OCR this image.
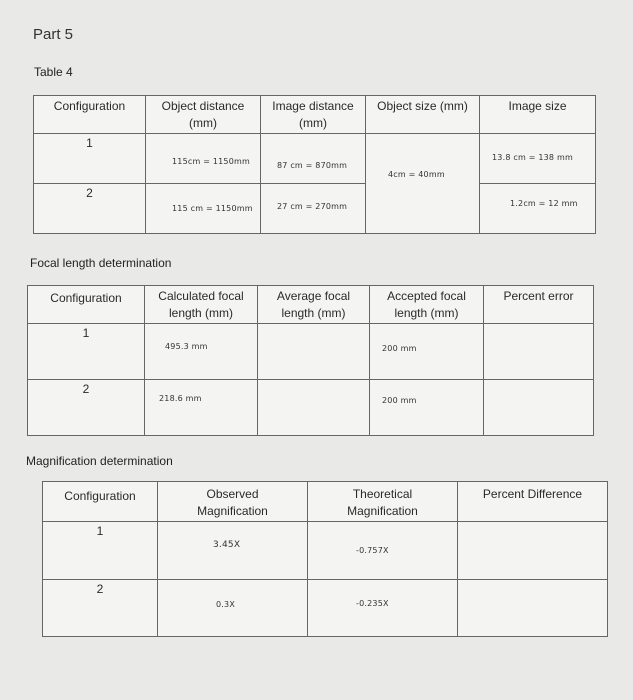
Part 5
Table 4
Configuration	Object distance (mm)	Image distance (mm)	Object size (mm)	Image size

1	115cm = 1150mm	87 cm = 870mm	4cm = 40mm	13.8 cm = 138 mm

2	115 cm = 1150mm	27 cm = 270mm		1.2cm = 12 mm
Focal length determination
Configuration	Calculated focal length (mm)	Average focal length (mm)	Accepted focal length (mm)	Percent error

1	495.3 mm		200 mm	

2	218.6 mm		200 mm	

Magnification determination
Configuration	Observed Magnification	Theoretical Magnification	Percent Difference

1	3.45X	-0.757X	

2	0.3X	-0.235X	
